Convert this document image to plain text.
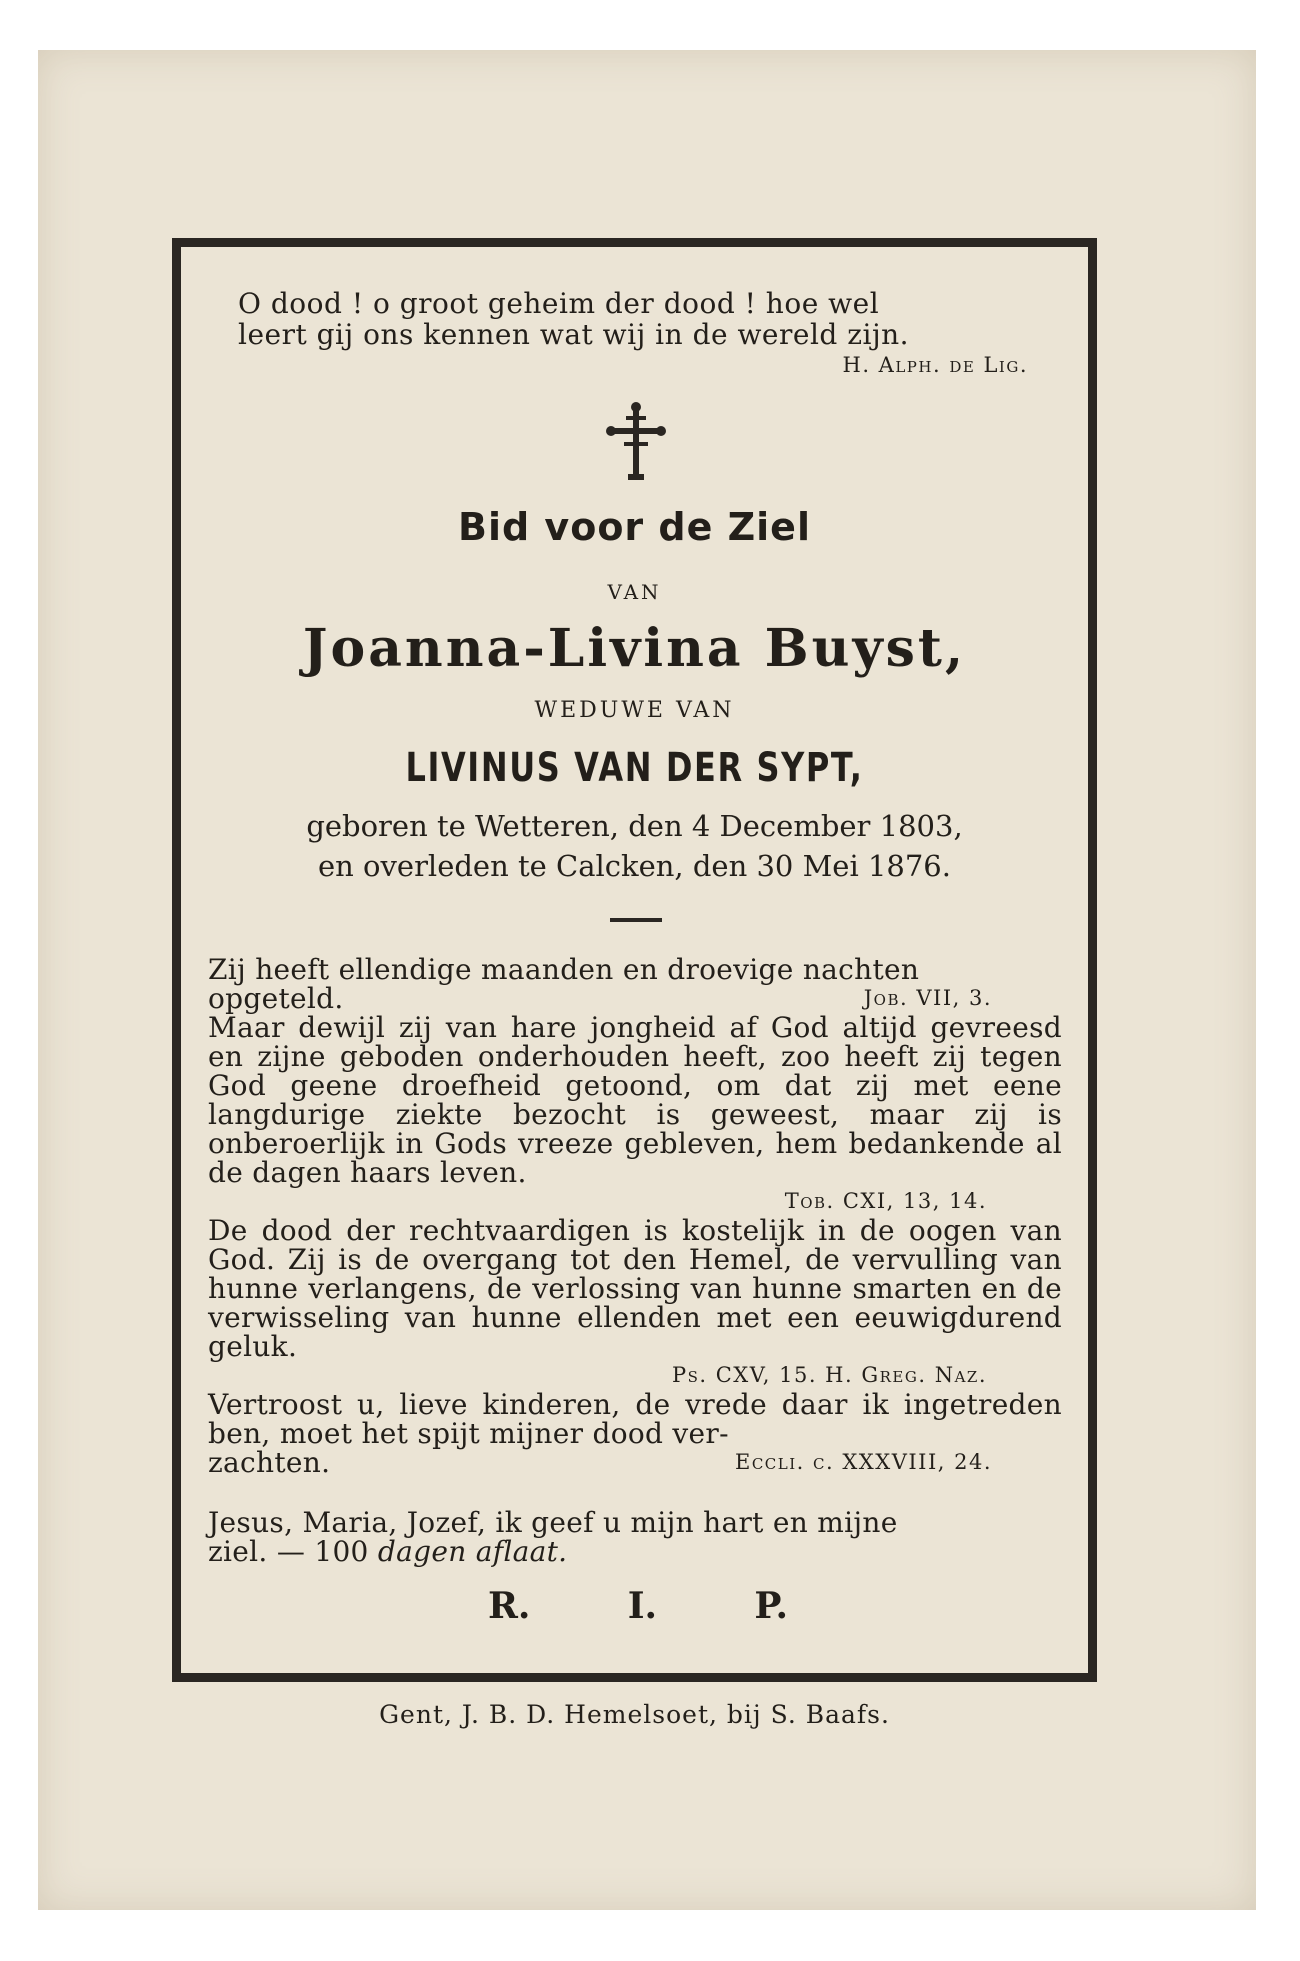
O dood ! o groot geheim der dood ! hoe wel
leert gij ons kennen wat wij in de wereld zijn.
H. Alph. de Lig.
Bid voor de Ziel
VAN
Joanna-Livina Buyst,
WEDUWE VAN
LIVINUS VAN DER SYPT,
geboren te Wetteren, den 4 December 1803,
en overleden te Calcken, den 30 Mei 1876.
Zij heeft ellendige maanden en droevige nachten
opgeteld.	Job. VII, 3.
Maar dewijl zij van hare jongheid af God altijd gevreesd en zijne geboden onderhouden heeft, zoo heeft zij tegen God geene droefheid getoond, om dat zij met eene langdurige ziekte bezocht is geweest, maar zij is onberoerlijk in Gods vreeze gebleven, hem bedankende al de dagen haars leven.
Tob. CXI, 13, 14.
De dood der rechtvaardigen is kostelijk in de oogen van God. Zij is de overgang tot den Hemel, de vervulling van hunne verlangens, de verlossing van hunne smarten en de verwisseling van hunne ellenden met een eeuwigdurend geluk.
Ps. CXV, 15. H. Greg. Naz.
Vertroost u, lieve kinderen, de vrede daar ik ingetreden ben, moet het spijt mijner dood ver-
zachten.	Eccli. c. XXXVIII, 24.
Jesus, Maria, Jozef, ik geef u mijn hart en mijne
ziel. — 100 dagen aflaat.
R.	I.	P.
Gent, J. B. D. Hemelsoet, bij S. Baafs.
